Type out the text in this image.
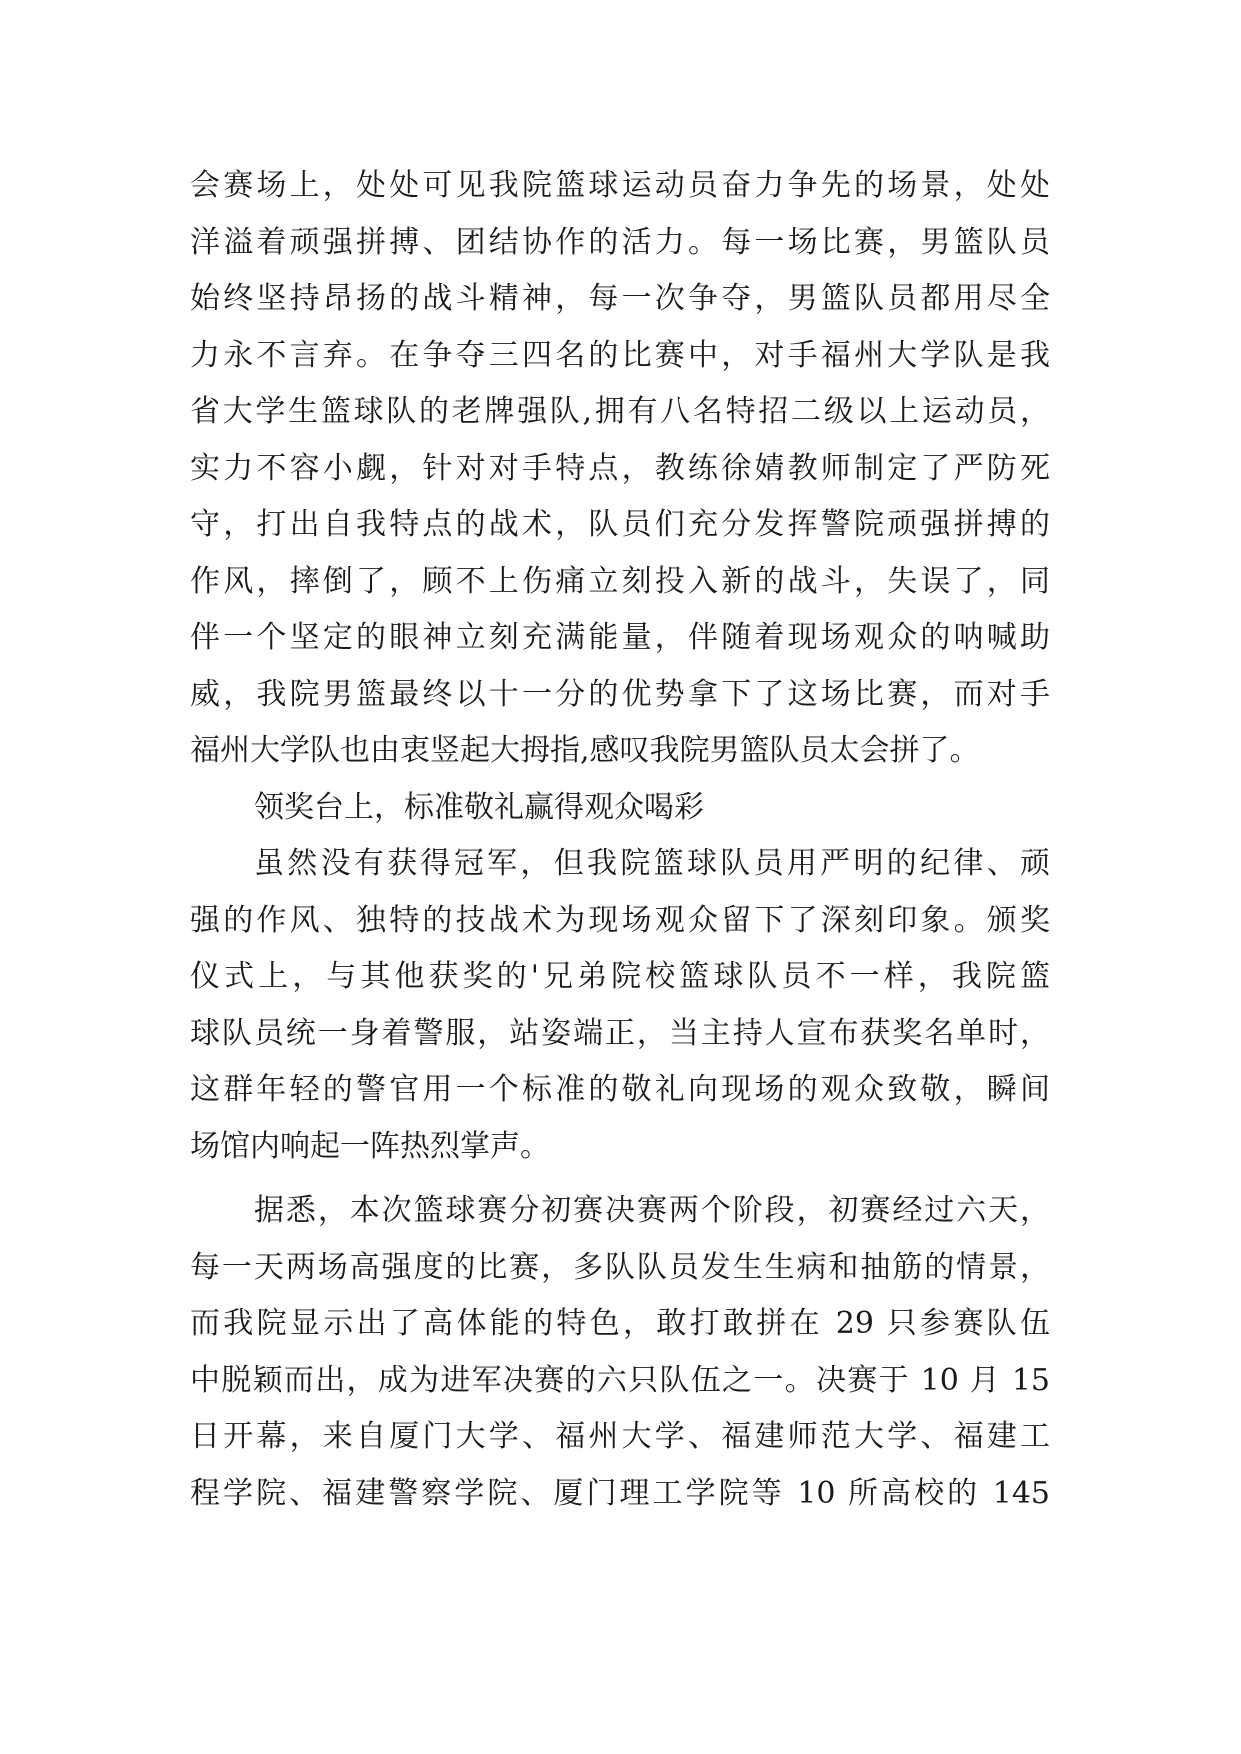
会赛场上，处处可见我院篮球运动员奋力争先的场景，处处
洋溢着顽强拼搏、团结协作的活力。每一场比赛，男篮队员
始终坚持昂扬的战斗精神，每一次争夺，男篮队员都用尽全
力永不言弃。在争夺三四名的比赛中，对手福州大学队是我
省大学生篮球队的老牌强队,拥有八名特招二级以上运动员，
实力不容小觑，针对对手特点，教练徐婧教师制定了严防死
守，打出自我特点的战术，队员们充分发挥警院顽强拼搏的
作风，摔倒了，顾不上伤痛立刻投入新的战斗，失误了，同
伴一个坚定的眼神立刻充满能量，伴随着现场观众的呐喊助
威，我院男篮最终以十一分的优势拿下了这场比赛，而对手
福州大学队也由衷竖起大拇指,感叹我院男篮队员太会拼了。
领奖台上，标准敬礼赢得观众喝彩
虽然没有获得冠军，但我院篮球队员用严明的纪律、顽
强的作风、独特的技战术为现场观众留下了深刻印象。颁奖
仪式上，与其他获奖的'兄弟院校篮球队员不一样，我院篮
球队员统一身着警服，站姿端正，当主持人宣布获奖名单时，
这群年轻的警官用一个标准的敬礼向现场的观众致敬，瞬间
场馆内响起一阵热烈掌声。
据悉，本次篮球赛分初赛决赛两个阶段，初赛经过六天，
每一天两场高强度的比赛，多队队员发生生病和抽筋的情景，
而我院显示出了高体能的特色，敢打敢拼在 29 只参赛队伍
中脱颖而出，成为进军决赛的六只队伍之一。决赛于 10 月 15
日开幕，来自厦门大学、福州大学、福建师范大学、福建工
程学院、福建警察学院、厦门理工学院等 10 所高校的 145
